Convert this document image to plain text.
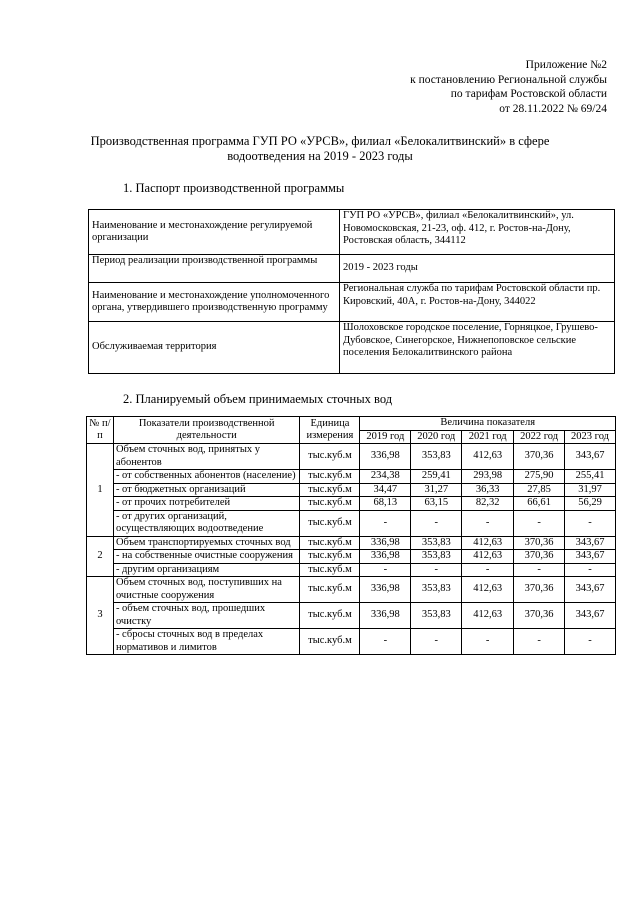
Приложение №2
к постановлению Региональной службы
по тарифам Ростовской области
от 28.11.2022 № 69/24
Производственная программа ГУП РО «УРСВ», филиал «Белокалитвинский» в сфере
водоотведения на 2019 - 2023 годы
1. Паспорт производственной программы
Наименование и местонахождение регулируемой организации	ГУП РО «УРСВ», филиал «Белокалитвинский», ул. Новомосковская, 21-23, оф. 412, г. Ростов-на-Дону, Ростовская область, 344112
Период реализации производственной программы	2019 - 2023 годы
Наименование и местонахождение уполномоченного органа, утвердившего производственную программу	Региональная служба по тарифам Ростовской области пр. Кировский, 40А, г. Ростов-на-Дону, 344022
Обслуживаемая территория	Шолоховское городское поселение, Горняцкое, Грушево-Дубовское, Синегорское, Нижнепоповское сельские поселения Белокалитвинского района
2. Планируемый объем принимаемых сточных вод
№ п/п	Показатели производственной деятельности	Единица измерения	Величина показателя				
			2019 год	2020 год	2021 год	2022 год	2023 год
1	Объем сточных вод, принятых у абонентов	тыс.куб.м	336,98	353,83	412,63	370,36	343,67
	- от собственных абонентов (население)	тыс.куб.м	234,38	259,41	293,98	275,90	255,41
	- от бюджетных организаций	тыс.куб.м	34,47	31,27	36,33	27,85	31,97
	- от прочих потребителей	тыс.куб.м	68,13	63,15	82,32	66,61	56,29
	- от других организаций, осуществляющих водоотведение	тыс.куб.м	-	-	-	-	-
2	Объем транспортируемых сточных вод	тыс.куб.м	336,98	353,83	412,63	370,36	343,67
	- на собственные очистные сооружения	тыс.куб.м	336,98	353,83	412,63	370,36	343,67
	- другим организациям	тыс.куб.м	-	-	-	-	-
3	Объем сточных вод, поступивших на очистные сооружения	тыс.куб.м	336,98	353,83	412,63	370,36	343,67
	- объем сточных вод, прошедших очистку	тыс.куб.м	336,98	353,83	412,63	370,36	343,67
	- сбросы сточных вод в пределах нормативов и лимитов	тыс.куб.м	-	-	-	-	-
